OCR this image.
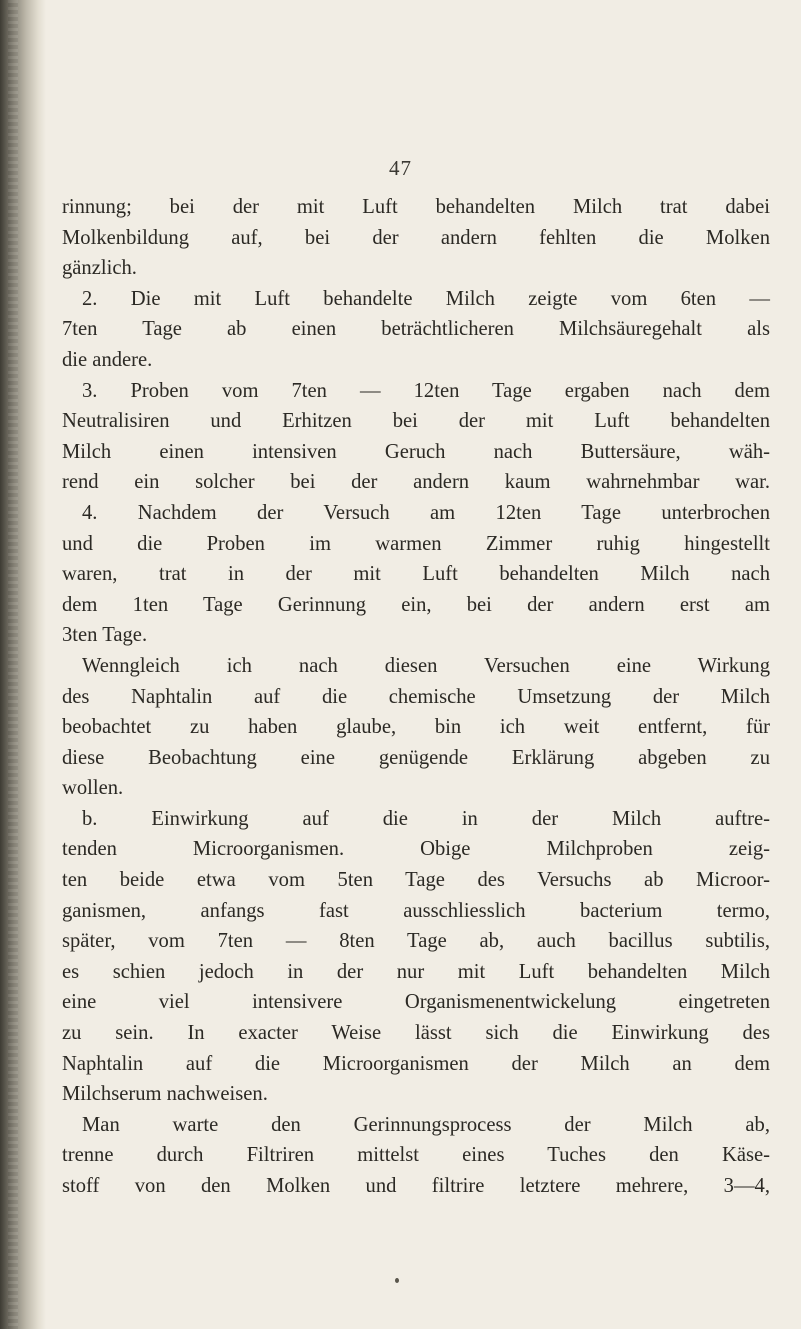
47
rinnung; bei der mit Luft behandelten Milch trat dabei
Molkenbildung auf, bei der andern fehlten die Molken
gänzlich.
2. Die mit Luft behandelte Milch zeigte vom 6ten —
7ten Tage ab einen beträchtlicheren Milchsäuregehalt als
die andere.
3. Proben vom 7ten — 12ten Tage ergaben nach dem
Neutralisiren und Erhitzen bei der mit Luft behandelten
Milch einen intensiven Geruch nach Buttersäure, wäh-
rend ein solcher bei der andern kaum wahrnehmbar war.
4. Nachdem der Versuch am 12ten Tage unterbrochen
und die Proben im warmen Zimmer ruhig hingestellt
waren, trat in der mit Luft behandelten Milch nach
dem 1ten Tage Gerinnung ein, bei der andern erst am
3ten Tage.
Wenngleich ich nach diesen Versuchen eine Wirkung
des Naphtalin auf die chemische Umsetzung der Milch
beobachtet zu haben glaube, bin ich weit entfernt, für
diese Beobachtung eine genügende Erklärung abgeben zu
wollen.
b. Einwirkung auf die in der Milch auftre-
tenden Microorganismen. Obige Milchproben zeig-
ten beide etwa vom 5ten Tage des Versuchs ab Microor-
ganismen, anfangs fast ausschliesslich bacterium termo,
später, vom 7ten — 8ten Tage ab, auch bacillus subtilis,
es schien jedoch in der nur mit Luft behandelten Milch
eine viel intensivere Organismenentwickelung eingetreten
zu sein. In exacter Weise lässt sich die Einwirkung des
Naphtalin auf die Microorganismen der Milch an dem
Milchserum nachweisen.
Man warte den Gerinnungsprocess der Milch ab,
trenne durch Filtriren mittelst eines Tuches den Käse-
stoff von den Molken und filtrire letztere mehrere, 3—4,
